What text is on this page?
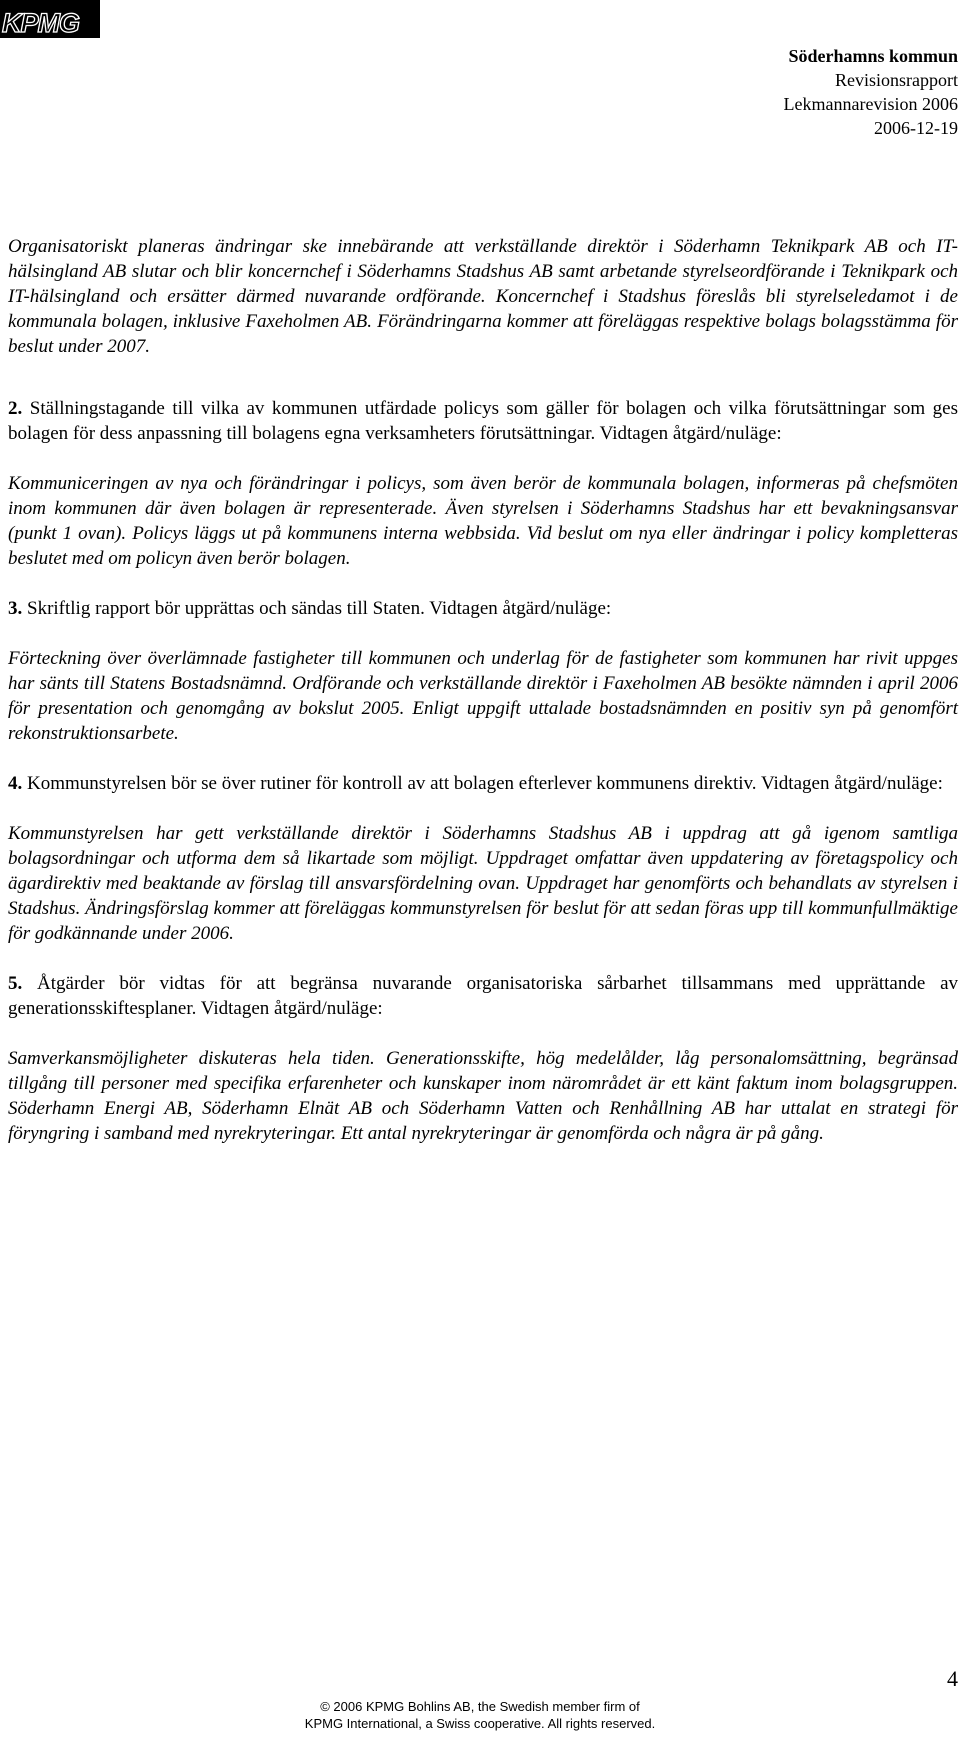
KPMG
Söderhamns kommun
Revisionsrapport
Lekmannarevision 2006
2006-12-19

Organisatoriskt planeras ändringar ske innebärande att verkställande direktör i Söderhamn Teknikpark AB och IT-hälsingland AB slutar och blir koncernchef i Söderhamns Stadshus AB samt arbetande styrelseordförande i Teknikpark och IT-hälsingland och ersätter därmed nuvarande ordförande. Koncernchef i Stadshus föreslås bli styrelseledamot i de kommunala bolagen, inklusive Faxeholmen AB. Förändringarna kommer att föreläggas respektive bolags bolagsstämma för beslut under 2007.

2. Ställningstagande till vilka av kommunen utfärdade policys som gäller för bolagen och vilka förutsättningar som ges bolagen för dess anpassning till bolagens egna verksamheters förutsättningar. Vidtagen åtgärd/nuläge:

Kommuniceringen av nya och förändringar i policys, som även berör de kommunala bolagen, informeras på chefsmöten inom kommunen där även bolagen är representerade. Även styrelsen i Söderhamns Stadshus har ett bevakningsansvar (punkt 1 ovan). Policys läggs ut på kommunens interna webbsida. Vid beslut om nya eller ändringar i policy kompletteras beslutet med om policyn även berör bolagen.

3. Skriftlig rapport bör upprättas och sändas till Staten. Vidtagen åtgärd/nuläge:

Förteckning över överlämnade fastigheter till kommunen och underlag för de fastigheter som kommunen har rivit uppges har sänts till Statens Bostadsnämnd. Ordförande och verkställande direktör i Faxeholmen AB besökte nämnden i april 2006 för presentation och genomgång av bokslut 2005. Enligt uppgift uttalade bostadsnämnden en positiv syn på genomfört rekonstruktionsarbete.

4. Kommunstyrelsen bör se över rutiner för kontroll av att bolagen efterlever kommunens direktiv. Vidtagen åtgärd/nuläge:

Kommunstyrelsen har gett verkställande direktör i Söderhamns Stadshus AB i uppdrag att gå igenom samtliga bolagsordningar och utforma dem så likartade som möjligt. Uppdraget omfattar även uppdatering av företagspolicy och ägardirektiv med beaktande av förslag till ansvarsfördelning ovan. Uppdraget har genomförts och behandlats av styrelsen i Stadshus. Ändringsförslag kommer att föreläggas kommunstyrelsen för beslut för att sedan föras upp till kommunfullmäktige för godkännande under 2006.

5. Åtgärder bör vidtas för att begränsa nuvarande organisatoriska sårbarhet tillsammans med upprättande av generationsskiftesplaner. Vidtagen åtgärd/nuläge:

Samverkansmöjligheter diskuteras hela tiden. Generationsskifte, hög medelålder, låg personalomsättning, begränsad tillgång till personer med specifika erfarenheter och kunskaper inom närområdet är ett känt faktum inom bolagsgruppen. Söderhamn Energi AB, Söderhamn Elnät AB och Söderhamn Vatten och Renhållning AB har uttalat en strategi för föryngring i samband med nyrekryteringar. Ett antal nyrekryteringar är genomförda och några är på gång.

4
© 2006 KPMG Bohlins AB, the Swedish member firm of
KPMG International, a Swiss cooperative. All rights reserved.
